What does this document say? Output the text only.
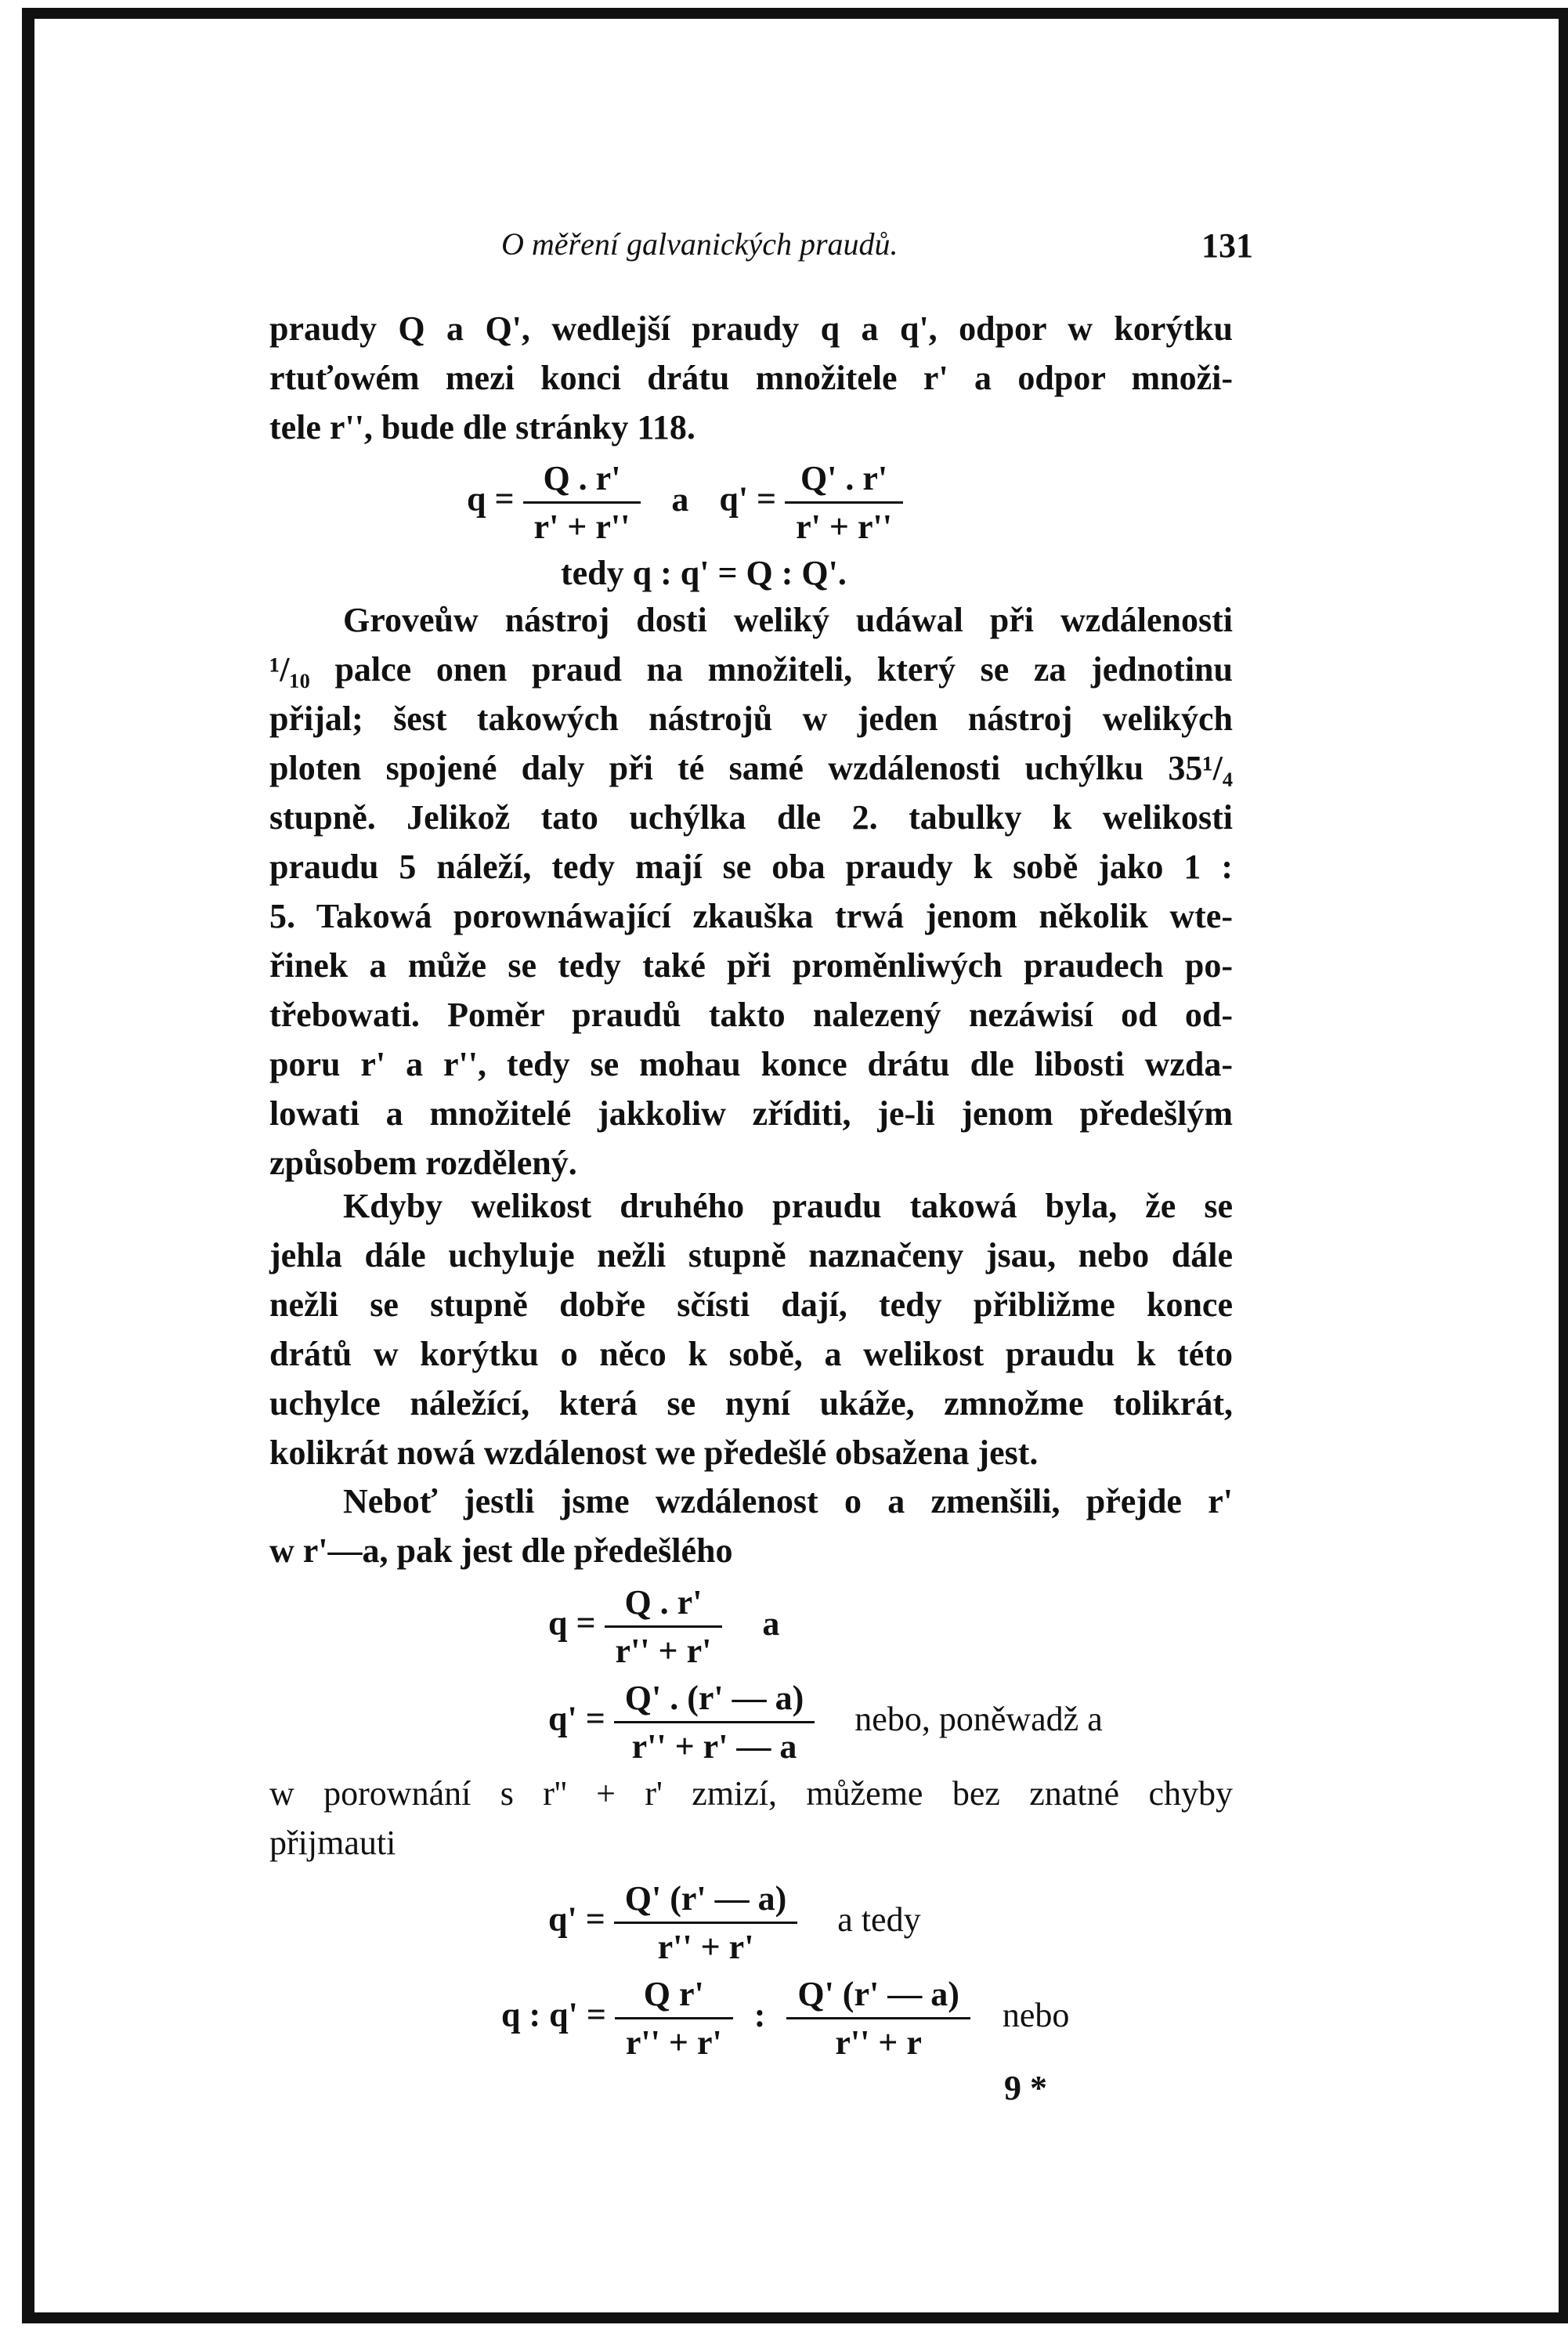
O měření galvanických praudů.	131
praudy Q a Q', wedlejší praudy q a q', odpor w korýtku
rtuťowém mezi konci drátu množitele r' a odpor množi-
tele r'', bude dle stránky 118.
$q = \frac{Q . r'}{r' + r''}$ a $q' = \frac{Q' . r'}{r' + r''}$
tedy q : q' = Q : Q'.
Groveůw nástroj dosti weliký udáwal při wzdálenosti
¹/₁₀ palce onen praud na množiteli, který se za jednotinu
přijal; šest takowých nástrojů w jeden nástroj welikých
ploten spojené daly při té samé wzdálenosti uchýlku 35¹/₄
stupně. Jelikož tato uchýlka dle 2. tabulky k welikosti
praudu 5 náleží, tedy mají se oba praudy k sobě jako 1 :
5. Takowá porownáwající zkauška trwá jenom několik wte-
řinek a může se tedy také při proměnliwých praudech po-
třebowati. Poměr praudů takto nalezený nezáwisí od od-
poru r' a r'', tedy se mohau konce drátu dle libosti wzda-
lowati a množitelé jakkoliw zříditi, je-li jenom předešlým
způsobem rozdělený.
Kdyby welikost druhého praudu takowá byla, že se
jehla dále uchyluje nežli stupně naznačeny jsau, nebo dále
nežli se stupně dobře sčísti dají, tedy přibližme konce
drátů w korýtku o něco k sobě, a welikost praudu k této
uchylce náležící, která se nyní ukáže, zmnožme tolikrát,
kolikrát nowá wzdálenost we předešlé obsažena jest.
Neboť jestli jsme wzdálenost o a zmenšili, přejde r'
w r'—a, pak jest dle předešlého
$q = \frac{Q . r'}{r'' + r'}$ a
$q' = \frac{Q' . (r' — a)}{r'' + r' — a}$ nebo, poněwadž a
w porownání s r'' + r' zmizí, můžeme bez znatné chyby
přijmauti
$q' = \frac{Q' (r' — a)}{r'' + r'}$ a tedy
q : $q' = \frac{\text{Q r'}}{r'' + r'}$ : $\frac{Q' (r' — a)}{r'' + r}$ nebo
9 *
